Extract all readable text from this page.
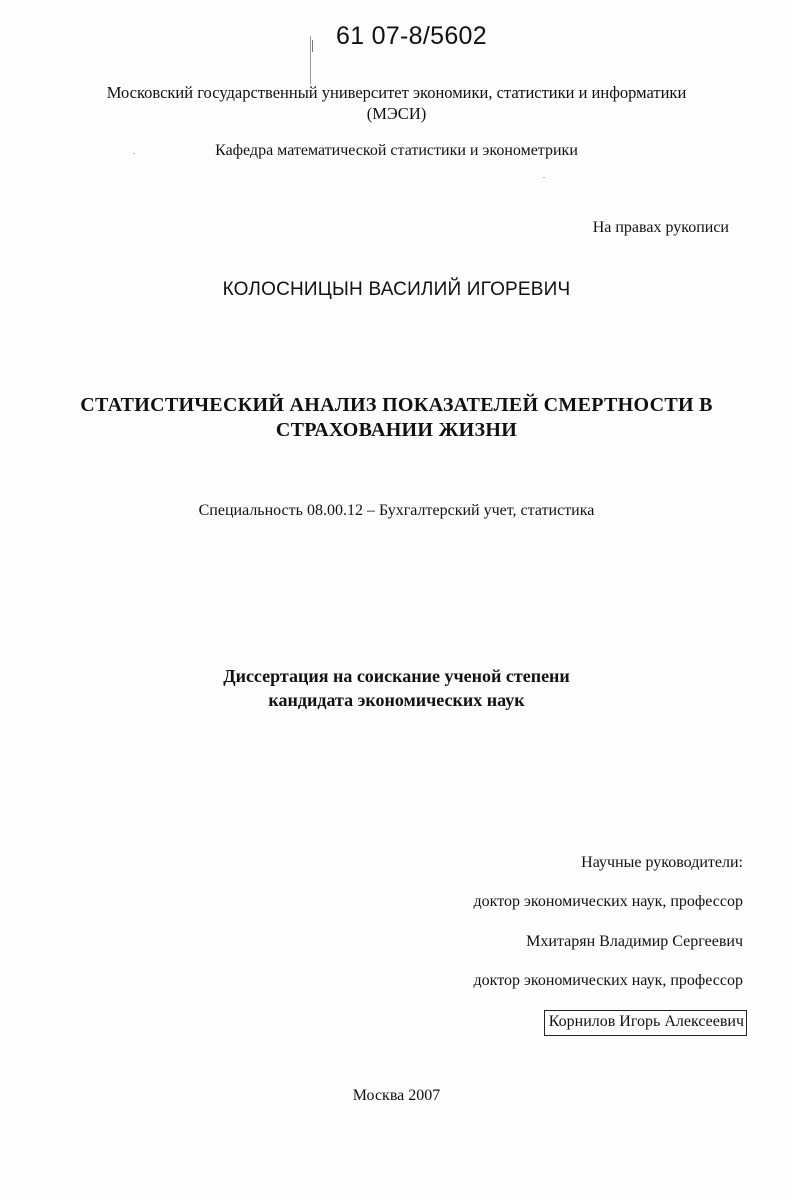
61 07-8/5602
Московский государственный университет экономики, статистики и информатики
(МЭСИ)
Кафедра математической статистики и эконометрики
На правах рукописи
КОЛОСНИЦЫН ВАСИЛИЙ ИГОРЕВИЧ
СТАТИСТИЧЕСКИЙ АНАЛИЗ ПОКАЗАТЕЛЕЙ СМЕРТНОСТИ В
СТРАХОВАНИИ ЖИЗНИ
Специальность 08.00.12 – Бухгалтерский учет, статистика
Диссертация на соискание ученой степени
кандидата экономических наук
Научные руководители:
доктор экономических наук, профессор
Мхитарян Владимир Сергеевич
доктор экономических наук, профессор
Корнилов Игорь Алексеевич
Москва 2007
